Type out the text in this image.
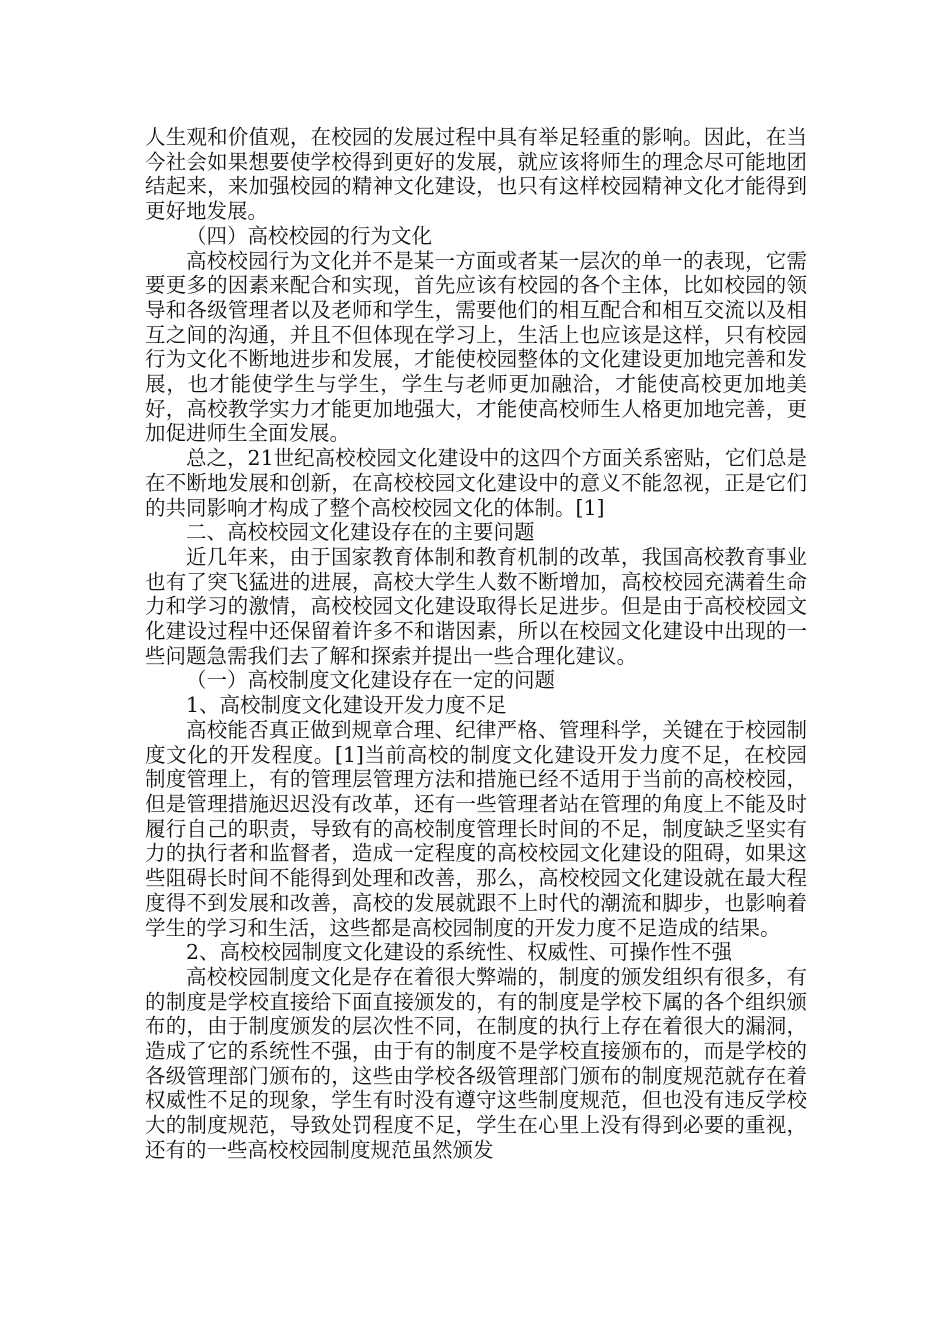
人生观和价值观，在校园的发展过程中具有举足轻重的影响。因此，在当今社会如果想要使学校得到更好的发展，就应该将师生的理念尽可能地团结起来，来加强校园的精神文化建设，也只有这样校园精神文化才能得到更好地发展。

（四）高校校园的行为文化

高校校园行为文化并不是某一方面或者某一层次的单一的表现，它需要更多的因素来配合和实现，首先应该有校园的各个主体，比如校园的领导和各级管理者以及老师和学生，需要他们的相互配合和相互交流以及相互之间的沟通，并且不但体现在学习上，生活上也应该是这样，只有校园行为文化不断地进步和发展，才能使校园整体的文化建设更加地完善和发展，也才能使学生与学生，学生与老师更加融洽，才能使高校更加地美好，高校教学实力才能更加地强大，才能使高校师生人格更加地完善，更加促进师生全面发展。

总之，21世纪高校校园文化建设中的这四个方面关系密贴，它们总是在不断地发展和创新，在高校校园文化建设中的意义不能忽视，正是它们的共同影响才构成了整个高校校园文化的体制。[1]

二、高校校园文化建设存在的主要问题

近几年来，由于国家教育体制和教育机制的改革，我国高校教育事业也有了突飞猛进的进展，高校大学生人数不断增加，高校校园充满着生命力和学习的激情，高校校园文化建设取得长足进步。但是由于高校校园文化建设过程中还保留着许多不和谐因素，所以在校园文化建设中出现的一些问题急需我们去了解和探索并提出一些合理化建议。

（一）高校制度文化建设存在一定的问题

1、高校制度文化建设开发力度不足

高校能否真正做到规章合理、纪律严格、管理科学，关键在于校园制度文化的开发程度。[1]当前高校的制度文化建设开发力度不足，在校园制度管理上，有的管理层管理方法和措施已经不适用于当前的高校校园，但是管理措施迟迟没有改革，还有一些管理者站在管理的角度上不能及时履行自己的职责，导致有的高校制度管理长时间的不足，制度缺乏坚实有力的执行者和监督者，造成一定程度的高校校园文化建设的阻碍，如果这些阻碍长时间不能得到处理和改善，那么，高校校园文化建设就在最大程度得不到发展和改善，高校的发展就跟不上时代的潮流和脚步，也影响着学生的学习和生活，这些都是高校园制度的开发力度不足造成的结果。

2、高校校园制度文化建设的系统性、权威性、可操作性不强

高校校园制度文化是存在着很大弊端的，制度的颁发组织有很多，有的制度是学校直接给下面直接颁发的，有的制度是学校下属的各个组织颁布的，由于制度颁发的层次性不同，在制度的执行上存在着很大的漏洞，造成了它的系统性不强，由于有的制度不是学校直接颁布的，而是学校的各级管理部门颁布的，这些由学校各级管理部门颁布的制度规范就存在着权威性不足的现象，学生有时没有遵守这些制度规范，但也没有违反学校大的制度规范，导致处罚程度不足，学生在心里上没有得到必要的重视，还有的一些高校校园制度规范虽然颁发
